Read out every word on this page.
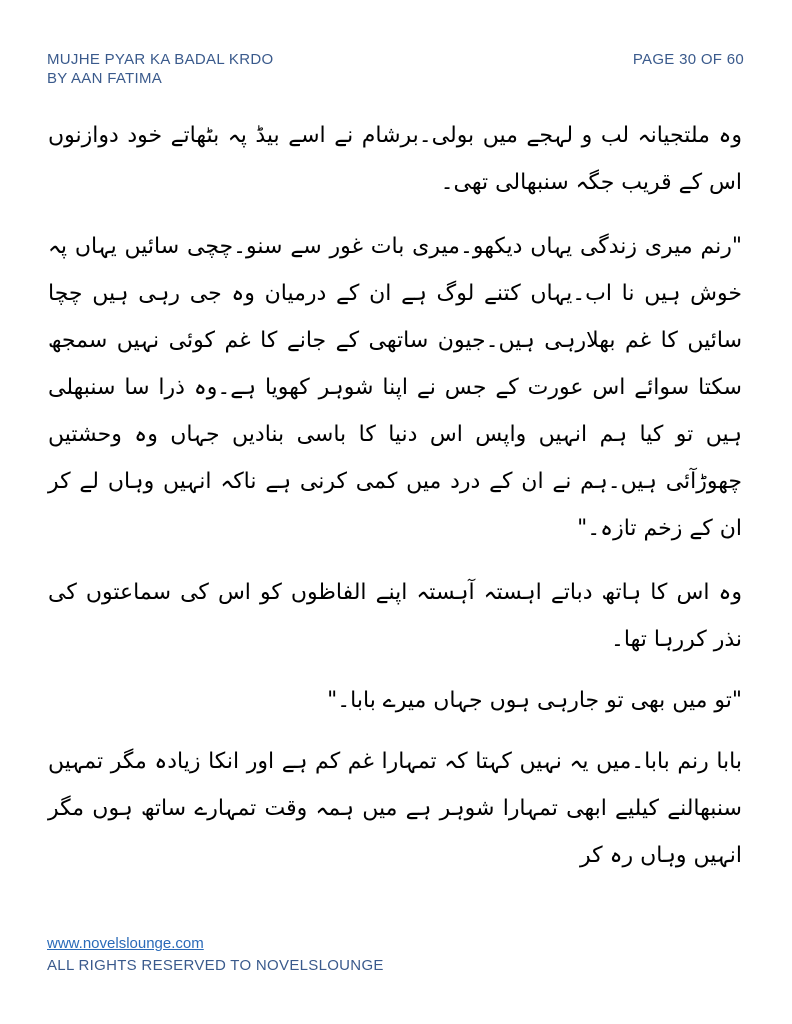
MUJHE PYAR KA BADAL KRDO
BY AAN FATIMA
PAGE 30 OF 60

وہ ملتجیانہ لب و لہجے میں بولی۔برشام نے اسے بیڈ پہ بٹھاتے خود دوازنوں اس کے قریب جگہ سنبھالی تھی۔

"رنم میری زندگی یہاں دیکھو۔میری بات غور سے سنو۔چچی سائیں یہاں پہ خوش ہیں نا اب۔یہاں کتنے لوگ ہے ان کے درمیان وہ جی رہی ہیں چچا سائیں کا غم بھلارہی ہیں۔جیون ساتھی کے جانے کا غم کوئی نہیں سمجھ سکتا سوائے اس عورت کے جس نے اپنا شوہر کھویا ہے۔وہ ذرا سا سنبھلی ہیں تو کیا ہم انہیں واپس اس دنیا کا باسی بنادیں جہاں وہ وحشتیں چھوڑآئی ہیں۔ہم نے ان کے درد میں کمی کرنی ہے ناکہ انہیں وہاں لے کر ان کے زخم تازہ۔"

وہ اس کا ہاتھ دباتے اہستہ آہستہ اپنے الفاظوں کو اس کی سماعتوں کی نذر کررہا تھا۔

"تو میں بھی تو جارہی ہوں جہاں میرے بابا۔"

بابا رنم بابا۔میں یہ نہیں کہتا کہ تمہارا غم کم ہے اور انکا زیادہ مگر تمہیں سنبھالنے کیلیے ابھی تمہارا شوہر ہے میں ہمہ وقت تمہارے ساتھ ہوں مگر انہیں وہاں رہ کر

www.novelslounge.com
ALL RIGHTS RESERVED TO NOVELSLOUNGE
